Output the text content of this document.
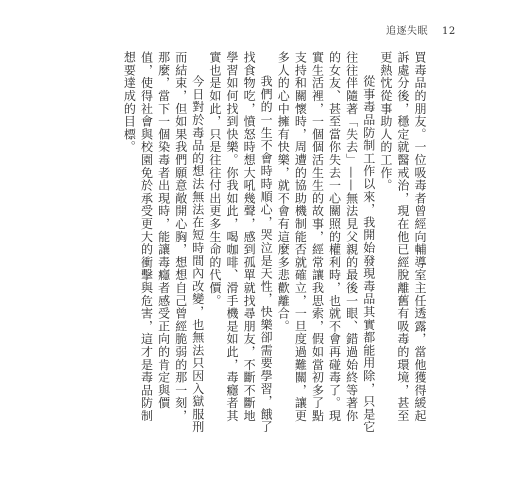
追逐失眠 12

買毒品的朋友。一位吸毒者曾經向輔導室主任透露，當他獲得緩起訴處分後，穩定就醫戒治，現在他已經脫離舊有吸毒的環境，甚至更熱忱從事助人的工作。

從事毒品防制工作以來，我開始發現毒品其實都能用除，只是它往往伴隨著「失去」——無法見父親的最後一眼、錯過始終等著你的女友、甚至當你失去一心關照的權利時，也就不會再碰毒了。現實生活裡，一個個活生生的故事，經常讓我思索，假如當初多了點支持和關懷時，周遭的協助機制能否就確立，一旦度過難關，讓更多人的心中擁有快樂，就不會有這麼多悲歡離合。

我們的一生不會時時順心，哭泣是天性，快樂卻需要學習，餓了找食物吃，憤怒時想大吼幾聲，感到孤單就找尋朋友，不斷不斷地學習如何找到快樂。你我如此，喝咖啡、滑手機是如此，毒癮者其實也是如此，只是往往付出更多生命的代價。

今日對於毒品的想法無法在短時間內改變，也無法只因入獄服刑而結束，但如果我們願意敞開心胸，想想自己曾經脆弱的那一刻，那麼，當下一個染毒者出現時，能讓毒癮者感受正向的肯定與價值，使得社會與校園免於承受更大的衝擊與危害，這才是毒品防制想要達成的目標。
